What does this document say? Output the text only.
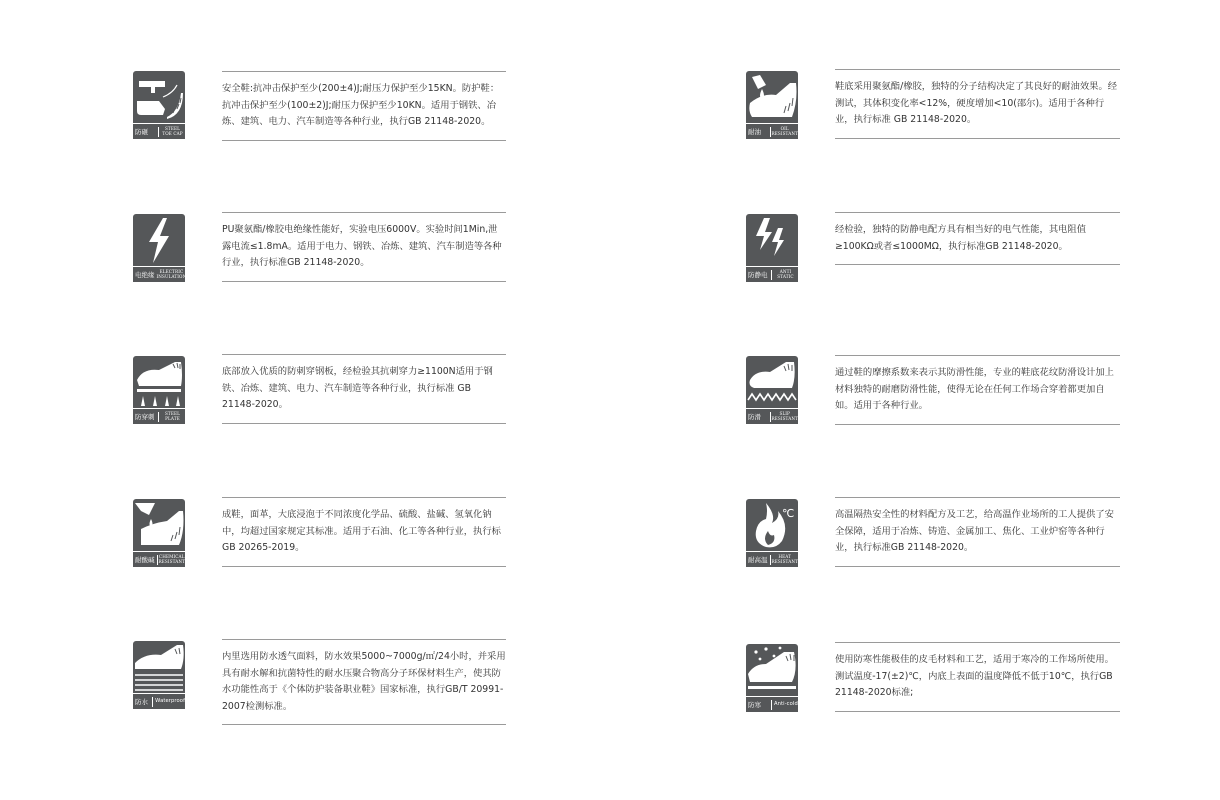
防砸	STEEL TOE CAP
安全鞋:抗冲击保护至少(200±4)J;耐压力保护至少15KN。防护鞋：抗冲击保护至少(100±2)J;耐压力保护至少10KN。适用于钢铁、冶炼、建筑、电力、汽车制造等各种行业，执行GB 21148-2020。
电绝缘	ELECTRIC INSULATION
PU聚氨酯/橡胶电绝缘性能好，实验电压6000V。实验时间1Min,泄露电流≤1.8mA。适用于电力、钢铁、冶炼、建筑、汽车制造等各种行业，执行标准GB 21148-2020。
防穿刺	STEEL PLATE
底部放入优质的防刺穿钢板，经检验其抗刺穿力≥1100N适用于钢铁、冶炼、建筑、电力、汽车制造等各种行业，执行标准 GB 21148-2020。
耐酸碱 CHEMICAL RESISTANT
成鞋，面革，大底浸泡于不同浓度化学品、硫酸、盐碱、氢氧化钠中，均超过国家规定其标准。适用于石油、化工等各种行业，执行标GB 20265-2019。
防水	Waterproof
内里选用防水透气面料，防水效果5000~7000g/㎡/24小时，并采用具有耐水解和抗菌特性的耐水压聚合物高分子环保材料生产，使其防水功能性高于《个体防护装备职业鞋》国家标准，执行GB/T 20991-2007检测标准。
耐油	OIL RESISTANT
鞋底采用聚氨酯/橡胶，独特的分子结构决定了其良好的耐油效果。经测试，其体积变化率<12%，硬度增加<10(邵尔)。适用于各种行业，执行标准 GB 21148-2020。
防静电	ANTI STATIC
经检验，独特的防静电配方具有相当好的电气性能，其电阻值≥100KΩ或者≤1000MΩ，执行标准GB 21148-2020。
防滑	SLIP RESISTANT
通过鞋的摩擦系数来表示其防滑性能，专业的鞋底花纹防滑设计加上材料独特的耐磨防滑性能，使得无论在任何工作场合穿着都更加自如。适用于各种行业。
℃
耐高温	HEAT RESISTANT
高温隔热安全性的材料配方及工艺，给高温作业场所的工人提供了安全保障，适用于冶炼、铸造、金属加工、焦化、工业炉窑等各种行业，执行标准GB 21148-2020。
防寒	Anti-cold
使用防寒性能极佳的皮毛材料和工艺，适用于寒冷的工作场所使用。测试温度-17(±2)℃，内底上表面的温度降低不低于10℃，执行GB 21148-2020标准;
